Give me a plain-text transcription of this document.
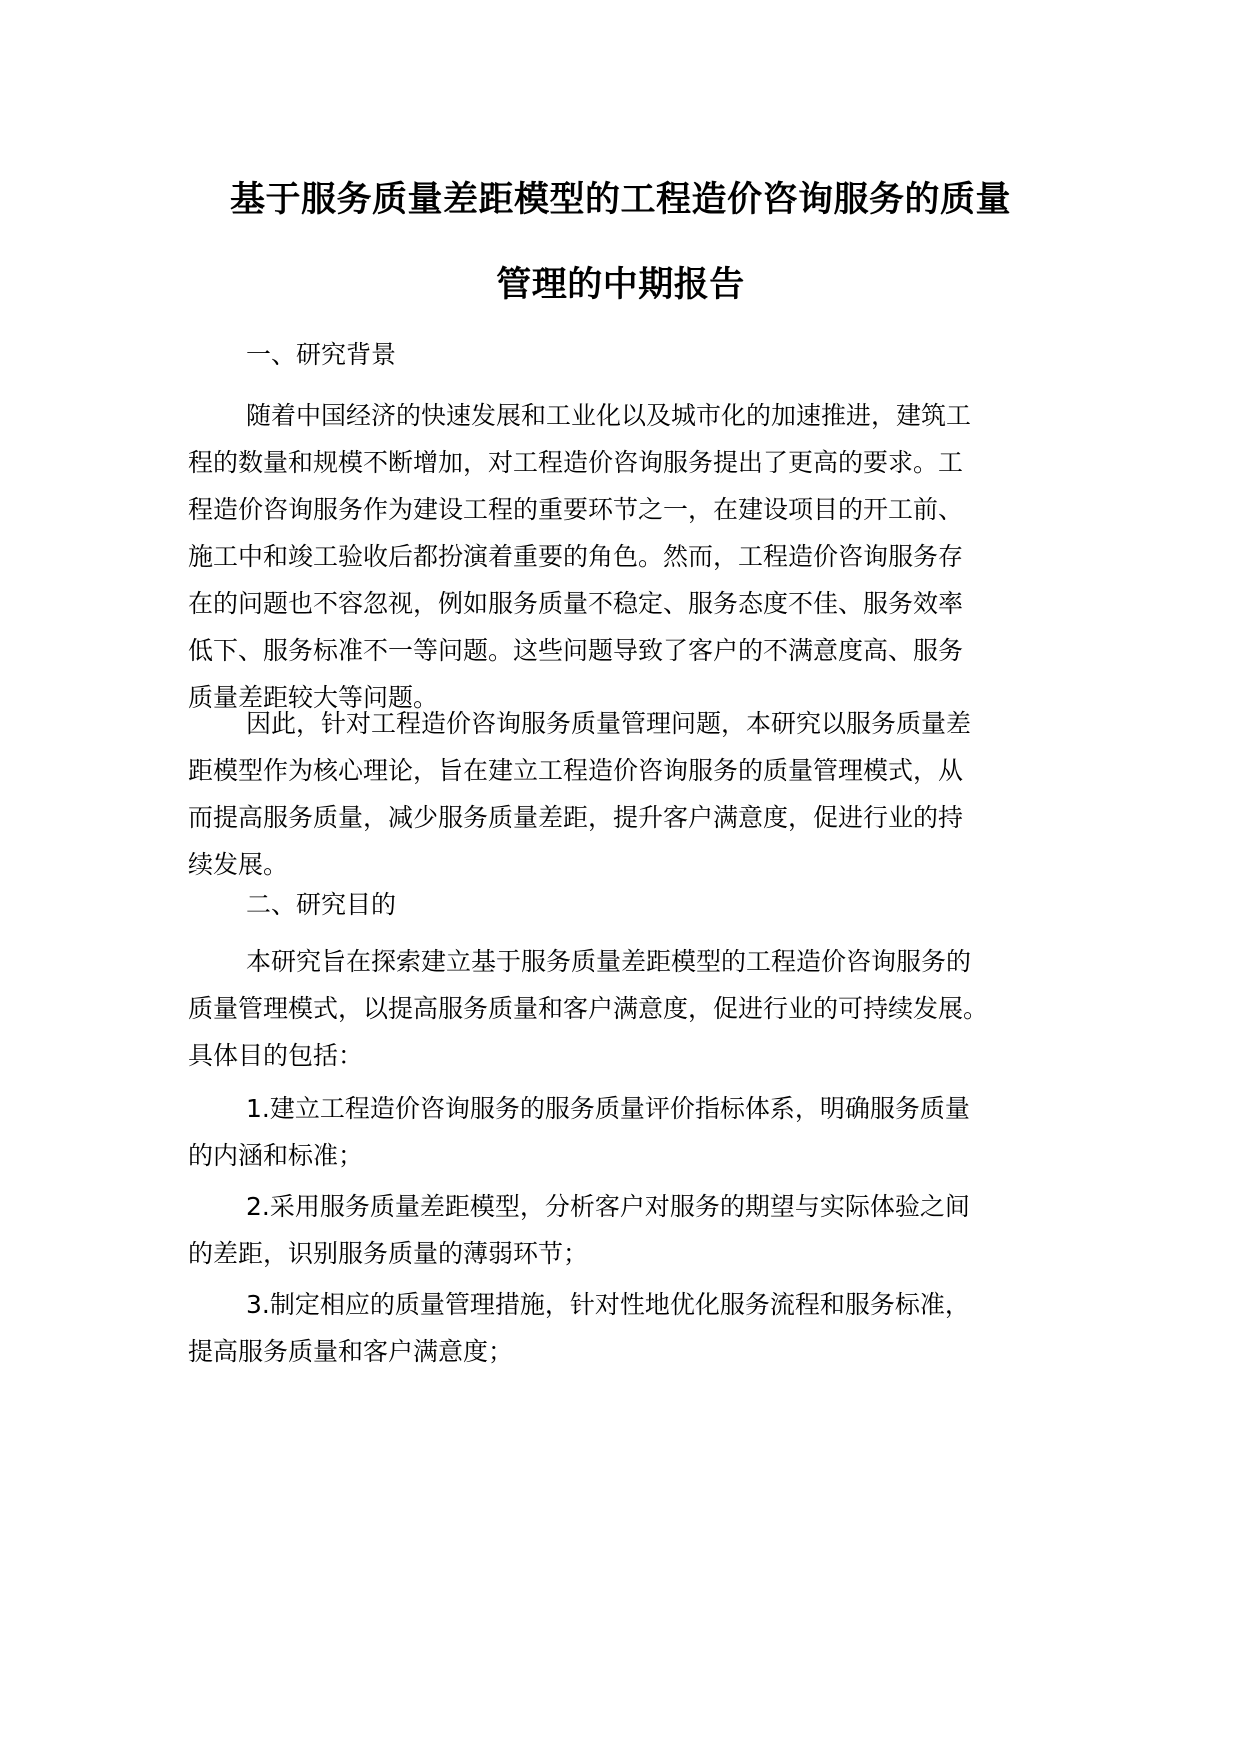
基于服务质量差距模型的工程造价咨询服务的质量
管理的中期报告
一、研究背景
随着中国经济的快速发展和工业化以及城市化的加速推进，建筑工
程的数量和规模不断增加，对工程造价咨询服务提出了更高的要求。工
程造价咨询服务作为建设工程的重要环节之一，在建设项目的开工前、
施工中和竣工验收后都扮演着重要的角色。然而，工程造价咨询服务存
在的问题也不容忽视，例如服务质量不稳定、服务态度不佳、服务效率
低下、服务标准不一等问题。这些问题导致了客户的不满意度高、服务
质量差距较大等问题。
因此，针对工程造价咨询服务质量管理问题，本研究以服务质量差
距模型作为核心理论，旨在建立工程造价咨询服务的质量管理模式，从
而提高服务质量，减少服务质量差距，提升客户满意度，促进行业的持
续发展。
二、研究目的
本研究旨在探索建立基于服务质量差距模型的工程造价咨询服务的
质量管理模式，以提高服务质量和客户满意度，促进行业的可持续发展。
具体目的包括：
1.建立工程造价咨询服务的服务质量评价指标体系，明确服务质量
的内涵和标准；
2.采用服务质量差距模型，分析客户对服务的期望与实际体验之间
的差距，识别服务质量的薄弱环节；
3.制定相应的质量管理措施，针对性地优化服务流程和服务标准，
提高服务质量和客户满意度；
